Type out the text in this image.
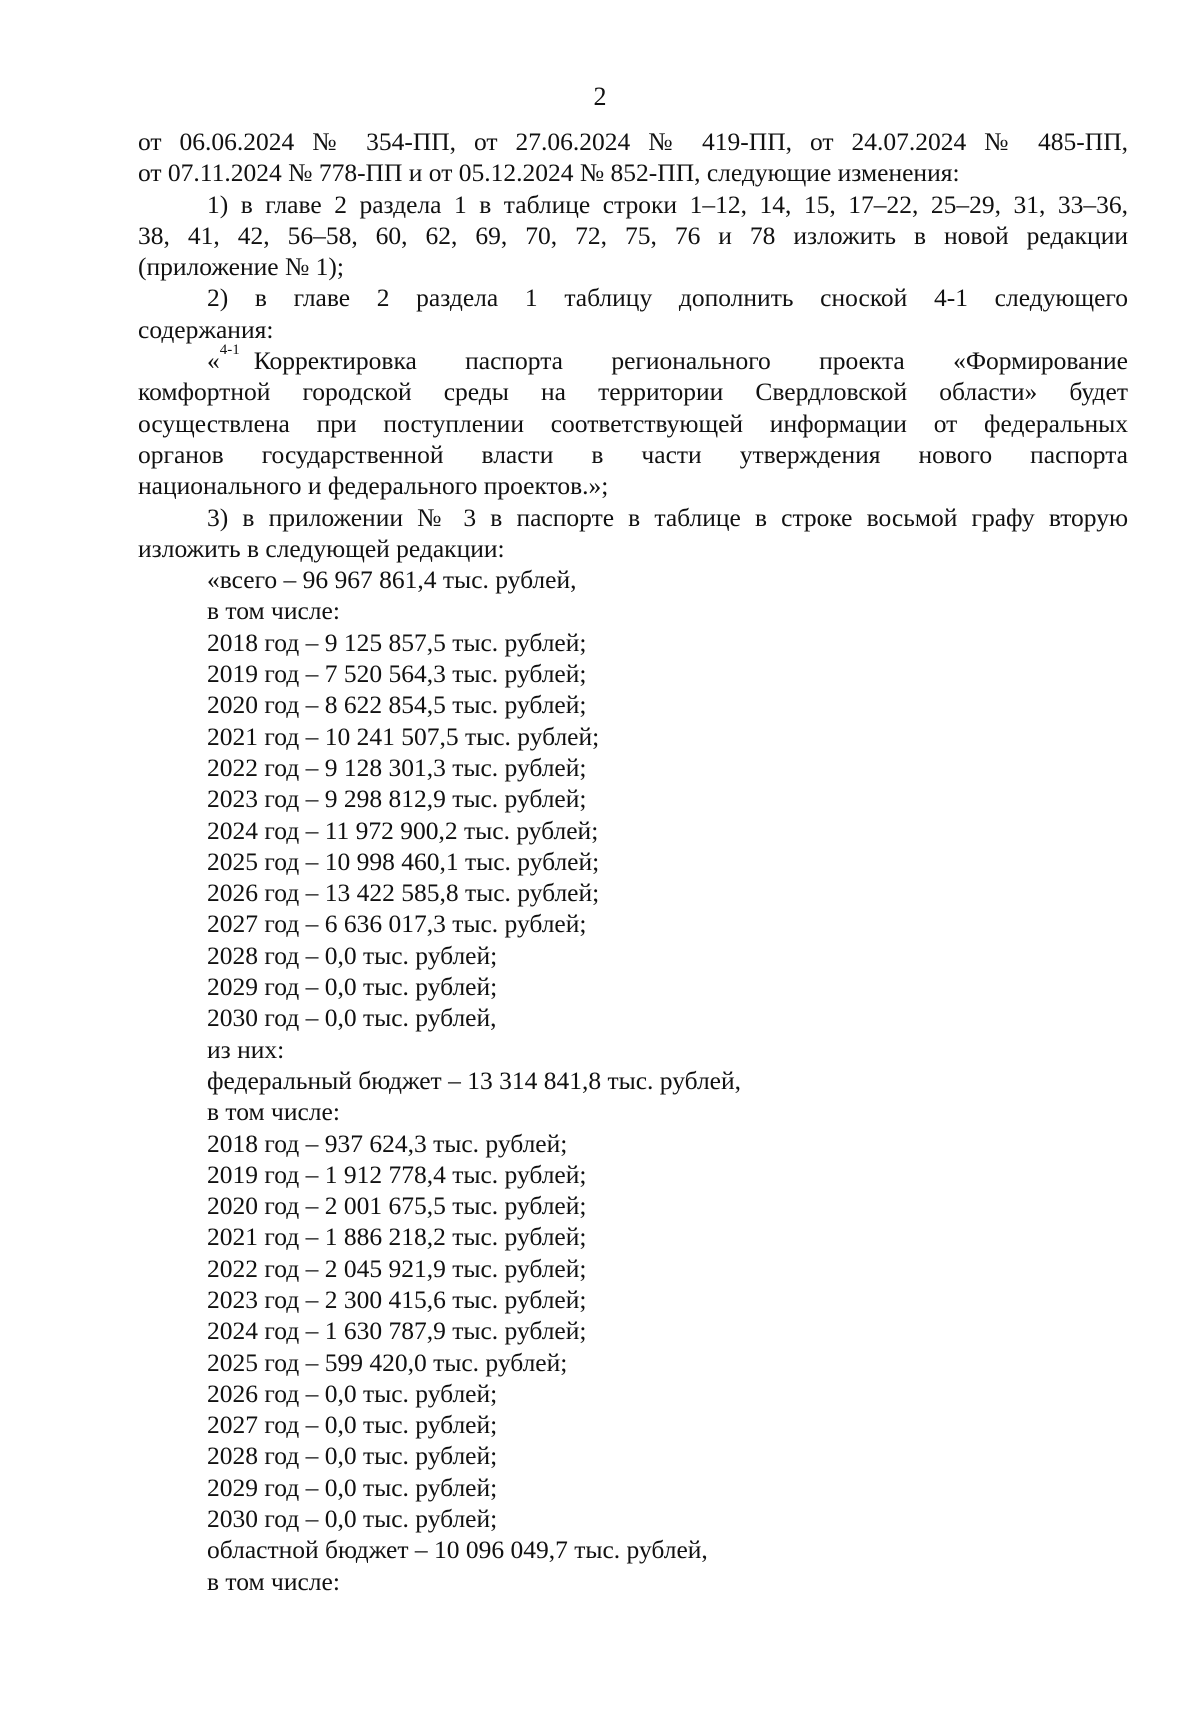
2
от 06.06.2024 № 354-ПП, от 27.06.2024 № 419-ПП, от 24.07.2024 № 485-ПП,
от 07.11.2024 № 778-ПП и от 05.12.2024 № 852-ПП, следующие изменения:
1) в главе 2 раздела 1 в таблице строки 1–12, 14, 15, 17–22, 25–29, 31, 33–36,
38, 41, 42, 56–58, 60, 62, 69, 70, 72, 75, 76 и 78 изложить в новой редакции
(приложение № 1);
2) в главе 2 раздела 1 таблицу дополнить сноской 4-1 следующего
содержания:
«$^{4-1}$ Корректировка паспорта регионального проекта «Формирование
комфортной городской среды на территории Свердловской области» будет
осуществлена при поступлении соответствующей информации от федеральных
органов государственной власти в части утверждения нового паспорта
национального и федерального проектов.»;
3) в приложении № 3 в паспорте в таблице в строке восьмой графу вторую
изложить в следующей редакции:
«всего – 96 967 861,4 тыс. рублей,
в том числе:
2018 год – 9 125 857,5 тыс. рублей;
2019 год – 7 520 564,3 тыс. рублей;
2020 год – 8 622 854,5 тыс. рублей;
2021 год – 10 241 507,5 тыс. рублей;
2022 год – 9 128 301,3 тыс. рублей;
2023 год – 9 298 812,9 тыс. рублей;
2024 год – 11 972 900,2 тыс. рублей;
2025 год – 10 998 460,1 тыс. рублей;
2026 год – 13 422 585,8 тыс. рублей;
2027 год – 6 636 017,3 тыс. рублей;
2028 год – 0,0 тыс. рублей;
2029 год – 0,0 тыс. рублей;
2030 год – 0,0 тыс. рублей,
из них:
федеральный бюджет – 13 314 841,8 тыс. рублей,
в том числе:
2018 год – 937 624,3 тыс. рублей;
2019 год – 1 912 778,4 тыс. рублей;
2020 год – 2 001 675,5 тыс. рублей;
2021 год – 1 886 218,2 тыс. рублей;
2022 год – 2 045 921,9 тыс. рублей;
2023 год – 2 300 415,6 тыс. рублей;
2024 год – 1 630 787,9 тыс. рублей;
2025 год – 599 420,0 тыс. рублей;
2026 год – 0,0 тыс. рублей;
2027 год – 0,0 тыс. рублей;
2028 год – 0,0 тыс. рублей;
2029 год – 0,0 тыс. рублей;
2030 год – 0,0 тыс. рублей;
областной бюджет – 10 096 049,7 тыс. рублей,
в том числе:
